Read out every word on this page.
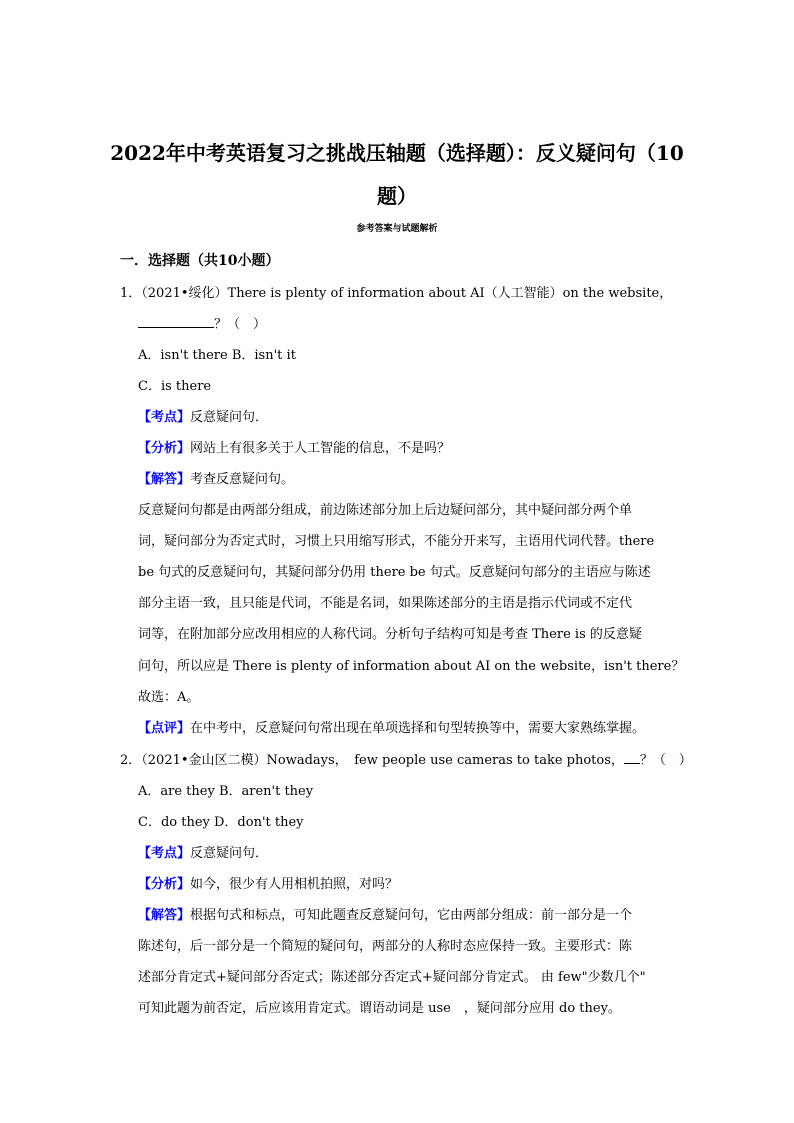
2022年中考英语复习之挑战压轴题（选择题）：反义疑问句（10
题）
参考答案与试题解析
一．选择题（共10小题）
1．（2021•绥化）There is plenty of information about AI（人工智能）on the website，
？（　）
A．isn't there B．isn't it
C．is there
【考点】反意疑问句．
【分析】网站上有很多关于人工智能的信息，不是吗？
【解答】考查反意疑问句。
反意疑问句都是由两部分组成，前边陈述部分加上后边疑问部分，其中疑问部分两个单
词，疑问部分为否定式时，习惯上只用缩写形式，不能分开来写，主语用代词代替。there
be 句式的反意疑问句，其疑问部分仍用 there be 句式。反意疑问句部分的主语应与陈述
部分主语一致，且只能是代词，不能是名词，如果陈述部分的主语是指示代词或不定代
词等，在附加部分应改用相应的人称代词。分析句子结构可知是考查 There is 的反意疑
问句，所以应是 There is plenty of information about AI on the website，isn't there？
故选：A。
【点评】在中考中，反意疑问句常出现在单项选择和句型转换等中，需要大家熟练掌握。
2．（2021•金山区二模）Nowadays，　few people use cameras to take photos， ？（　）
A．are they B．aren't they
C．do they D．don't they
【考点】反意疑问句．
【分析】如今，很少有人用相机拍照，对吗？
【解答】根据句式和标点，可知此题查反意疑问句，它由两部分组成：前一部分是一个
陈述句，后一部分是一个简短的疑问句，两部分的人称时态应保持一致。主要形式：陈
述部分肯定式+疑问部分否定式；陈述部分否定式+疑问部分肯定式。 由 few"少数几个"
可知此题为前否定，后应该用肯定式。谓语动词是 use　，疑问部分应用 do they。
